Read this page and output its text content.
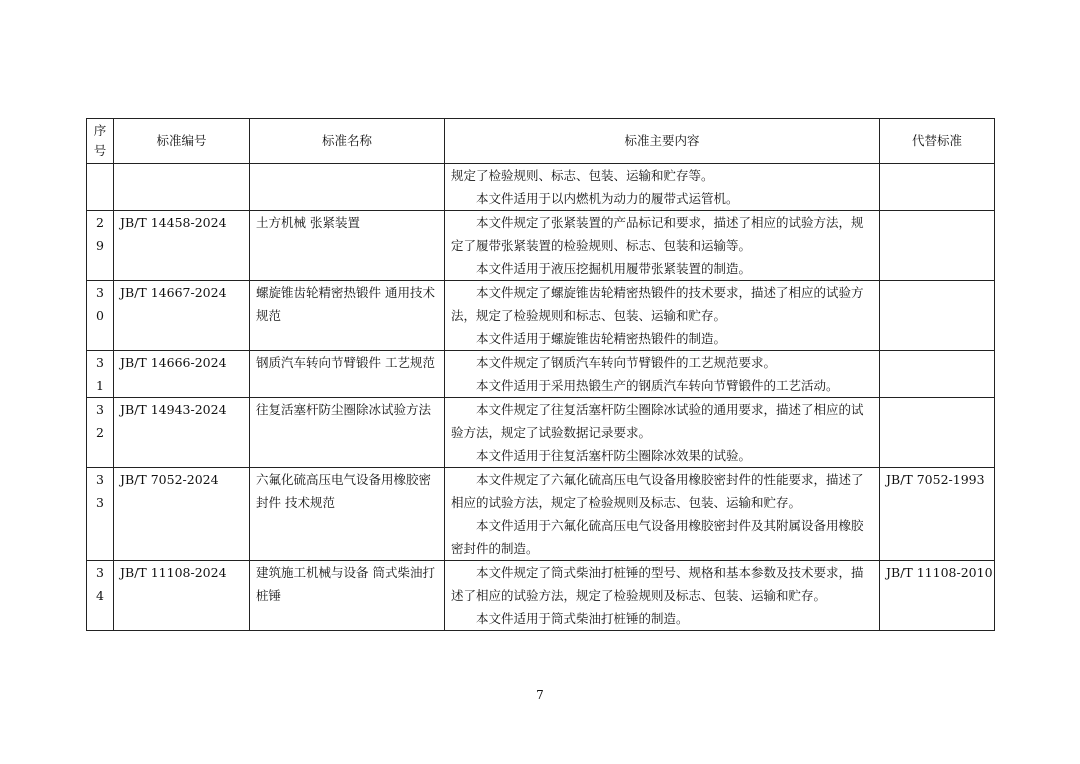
序号	标准编号	标准名称	标准主要内容	代替标准

			规定了检验规则、标志、包装、运输和贮存等。

本文件适用于以内燃机为动力的履带式运管机。	

29	JB/T 14458-2024	土方机械 张紧装置	本文件规定了张紧装置的产品标记和要求，描述了相应的试验方法，规定了履带张紧装置的检验规则、标志、包装和运输等。

本文件适用于液压挖掘机用履带张紧装置的制造。	

30	JB/T 14667-2024	螺旋锥齿轮精密热锻件 通用技术规范	本文件规定了螺旋锥齿轮精密热锻件的技术要求，描述了相应的试验方法，规定了检验规则和标志、包装、运输和贮存。

本文件适用于螺旋锥齿轮精密热锻件的制造。	

31	JB/T 14666-2024	钢质汽车转向节臂锻件 工艺规范	本文件规定了钢质汽车转向节臂锻件的工艺规范要求。

本文件适用于采用热锻生产的钢质汽车转向节臂锻件的工艺活动。	

32	JB/T 14943-2024	往复活塞杆防尘圈除冰试验方法	本文件规定了往复活塞杆防尘圈除冰试验的通用要求，描述了相应的试验方法，规定了试验数据记录要求。

本文件适用于往复活塞杆防尘圈除冰效果的试验。	

33	JB/T 7052-2024	六氟化硫高压电气设备用橡胶密封件 技术规范	本文件规定了六氟化硫高压电气设备用橡胶密封件的性能要求，描述了相应的试验方法，规定了检验规则及标志、包装、运输和贮存。

本文件适用于六氟化硫高压电气设备用橡胶密封件及其附属设备用橡胶密封件的制造。	JB/T 7052-1993
34	JB/T 11108-2024	建筑施工机械与设备 筒式柴油打桩锤	本文件规定了筒式柴油打桩锤的型号、规格和基本参数及技术要求，描述了相应的试验方法，规定了检验规则及标志、包装、运输和贮存。

本文件适用于筒式柴油打桩锤的制造。	JB/T 11108-2010
7
